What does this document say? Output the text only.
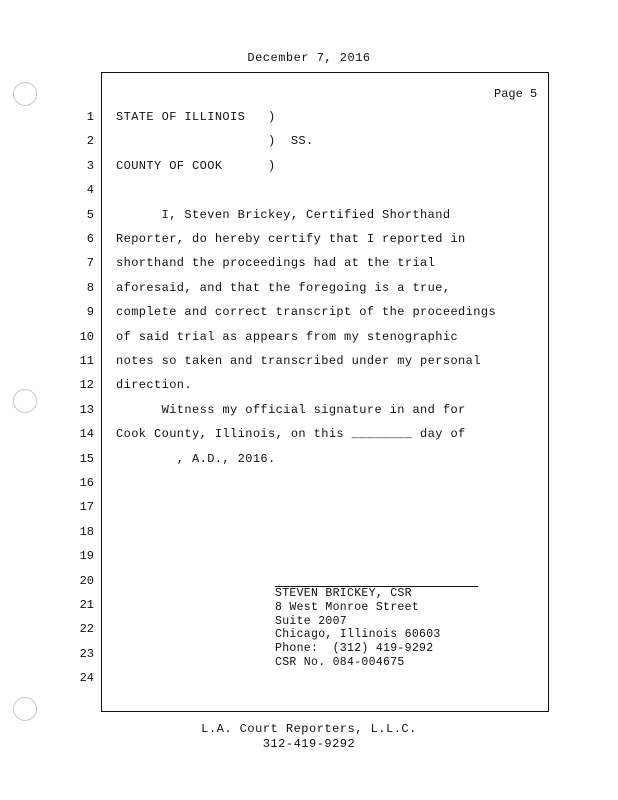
December 7, 2016
Page 5
1
2
3
4
5
6
7
8
9
10
11
12
13
14
15
16
17
18
19
20
21
22
23
24
STATE OF ILLINOIS   )
)  SS.
COUNTY OF COOK      )
I, Steven Brickey, Certified Shorthand
Reporter, do hereby certify that I reported in
shorthand the proceedings had at the trial
aforesaid, and that the foregoing is a true,
complete and correct transcript of the proceedings
of said trial as appears from my stenographic
notes so taken and transcribed under my personal
direction.
Witness my official signature in and for
Cook County, Illinois, on this ________ day of
, A.D., 2016.
STEVEN BRICKEY, CSR
8 West Monroe Street
Suite 2007
Chicago, Illinois 60603
Phone:  (312) 419-9292
CSR No. 084-004675
L.A. Court Reporters, L.L.C.
312-419-9292
